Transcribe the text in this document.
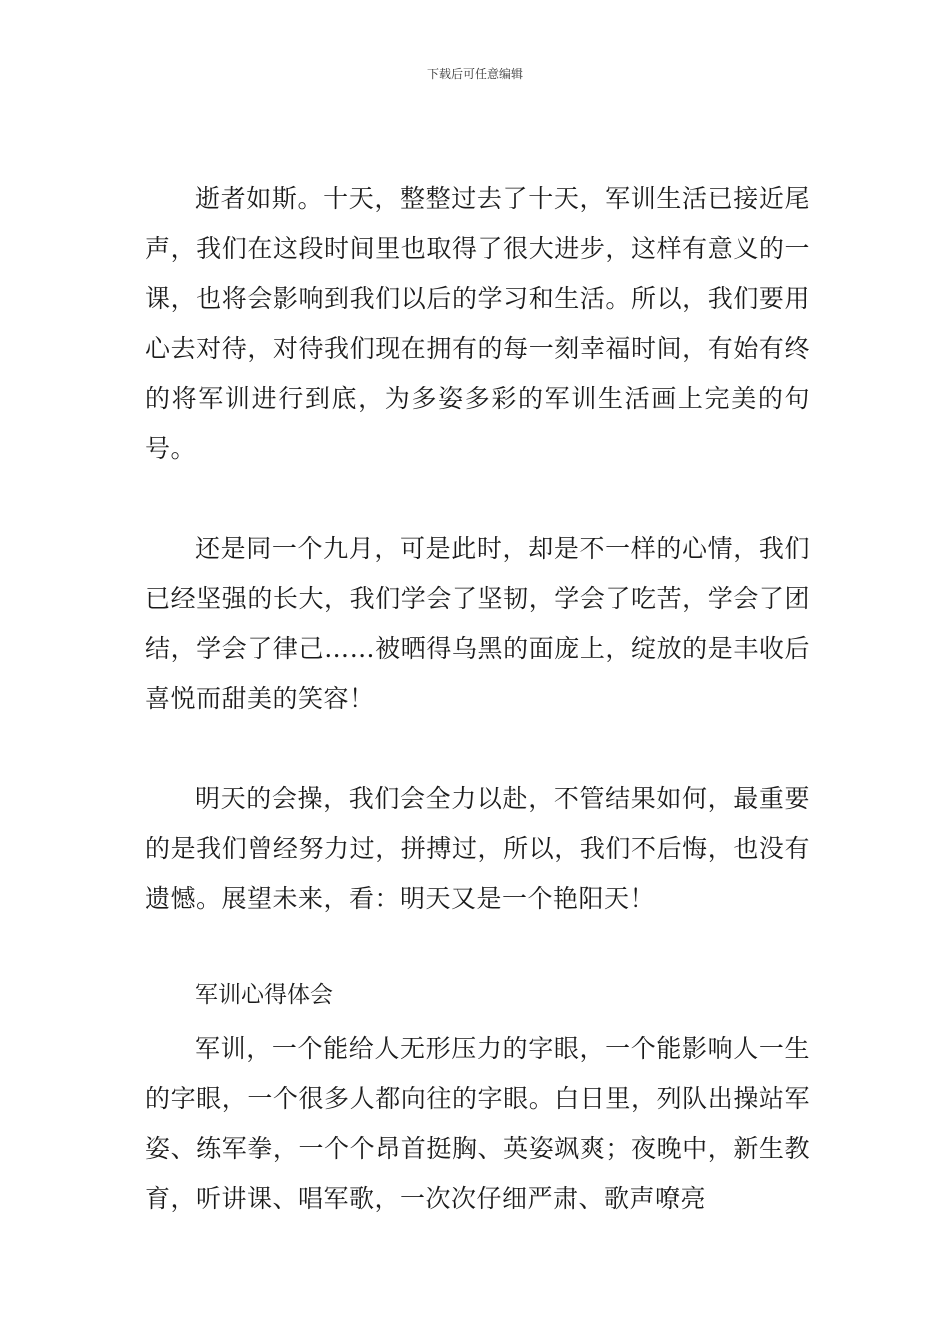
下载后可任意编辑

逝者如斯。十天，整整过去了十天，军训生活已接近尾声，我们在这段时间里也取得了很大进步，这样有意义的一课，也将会影响到我们以后的学习和生活。所以，我们要用心去对待，对待我们现在拥有的每一刻幸福时间，有始有终的将军训进行到底，为多姿多彩的军训生活画上完美的句号。

还是同一个九月，可是此时，却是不一样的心情，我们已经坚强的长大，我们学会了坚韧，学会了吃苦，学会了团结，学会了律己……被晒得乌黑的面庞上，绽放的是丰收后喜悦而甜美的笑容！

明天的会操，我们会全力以赴，不管结果如何，最重要的是我们曾经努力过，拼搏过，所以，我们不后悔，也没有遗憾。展望未来，看：明天又是一个艳阳天！

军训心得体会

军训，一个能给人无形压力的字眼，一个能影响人一生的字眼，一个很多人都向往的字眼。白日里，列队出操站军姿、练军拳，一个个昂首挺胸、英姿飒爽；夜晚中，新生教育，听讲课、唱军歌，一次次仔细严肃、歌声嘹亮
